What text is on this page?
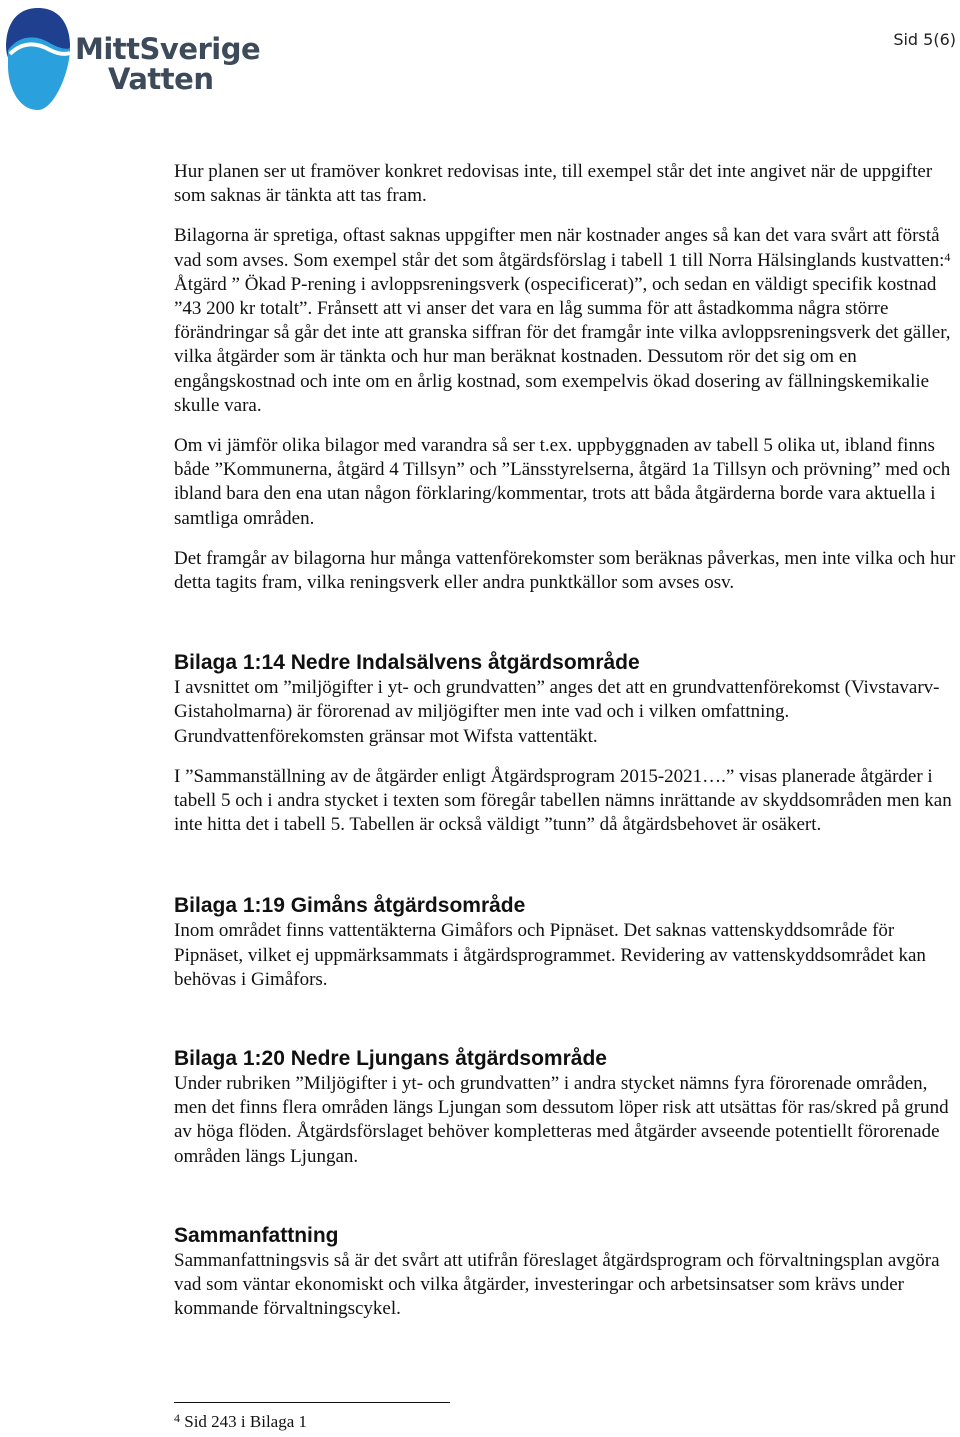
MittSverige
Vatten
Sid 5(6)

Hur planen ser ut framöver konkret redovisas inte, till exempel står det inte angivet när de uppgifter som saknas är tänkta att tas fram.

Bilagorna är spretiga, oftast saknas uppgifter men när kostnader anges så kan det vara svårt att förstå vad som avses. Som exempel står det som åtgärdsförslag i tabell 1 till Norra Hälsinglands kustvatten:$^4$ Åtgärd ” Ökad P-rening i avloppsreningsverk (ospecificerat)”, och sedan en väldigt specifik kostnad ”43 200 kr totalt”. Frånsett att vi anser det vara en låg summa för att åstadkomma några större förändringar så går det inte att granska siffran för det framgår inte vilka avloppsreningsverk det gäller, vilka åtgärder som är tänkta och hur man beräknat kostnaden. Dessutom rör det sig om en engångskostnad och inte om en årlig kostnad, som exempelvis ökad dosering av fällningskemikalie skulle vara.

Om vi jämför olika bilagor med varandra så ser t.ex. uppbyggnaden av tabell 5 olika ut, ibland finns både ”Kommunerna, åtgärd 4 Tillsyn” och ”Länsstyrelserna, åtgärd 1a Tillsyn och prövning” med och ibland bara den ena utan någon förklaring/kommentar, trots att båda åtgärderna borde vara aktuella i samtliga områden.

Det framgår av bilagorna hur många vattenförekomster som beräknas påverkas, men inte vilka och hur detta tagits fram, vilka reningsverk eller andra punktkällor som avses osv.

Bilaga 1:14 Nedre Indalsälvens åtgärdsområde

I avsnittet om ”miljögifter i yt- och grundvatten” anges det att en grundvattenförekomst (Vivstavarv-Gistaholmarna) är förorenad av miljögifter men inte vad och i vilken omfattning. Grundvattenförekomsten gränsar mot Wifsta vattentäkt.

I ”Sammanställning av de åtgärder enligt Åtgärdsprogram 2015-2021….” visas planerade åtgärder i tabell 5 och i andra stycket i texten som föregår tabellen nämns inrättande av skyddsområden men kan inte hitta det i tabell 5. Tabellen är också väldigt ”tunn” då åtgärdsbehovet är osäkert.

Bilaga 1:19 Gimåns åtgärdsområde

Inom området finns vattentäkterna Gimåfors och Pipnäset. Det saknas vattenskyddsområde för Pipnäset, vilket ej uppmärksammats i åtgärdsprogrammet. Revidering av vattenskyddsområdet kan behövas i Gimåfors.

Bilaga 1:20 Nedre Ljungans åtgärdsområde

Under rubriken ”Miljögifter i yt- och grundvatten” i andra stycket nämns fyra förorenade områden, men det finns flera områden längs Ljungan som dessutom löper risk att utsättas för ras/skred på grund av höga flöden. Åtgärdsförslaget behöver kompletteras med åtgärder avseende potentiellt förorenade områden längs Ljungan.

Sammanfattning

Sammanfattningsvis så är det svårt att utifrån föreslaget åtgärdsprogram och förvaltningsplan avgöra vad som väntar ekonomiskt och vilka åtgärder, investeringar och arbetsinsatser som krävs under kommande förvaltningscykel.

$^4$ Sid 243 i Bilaga 1
